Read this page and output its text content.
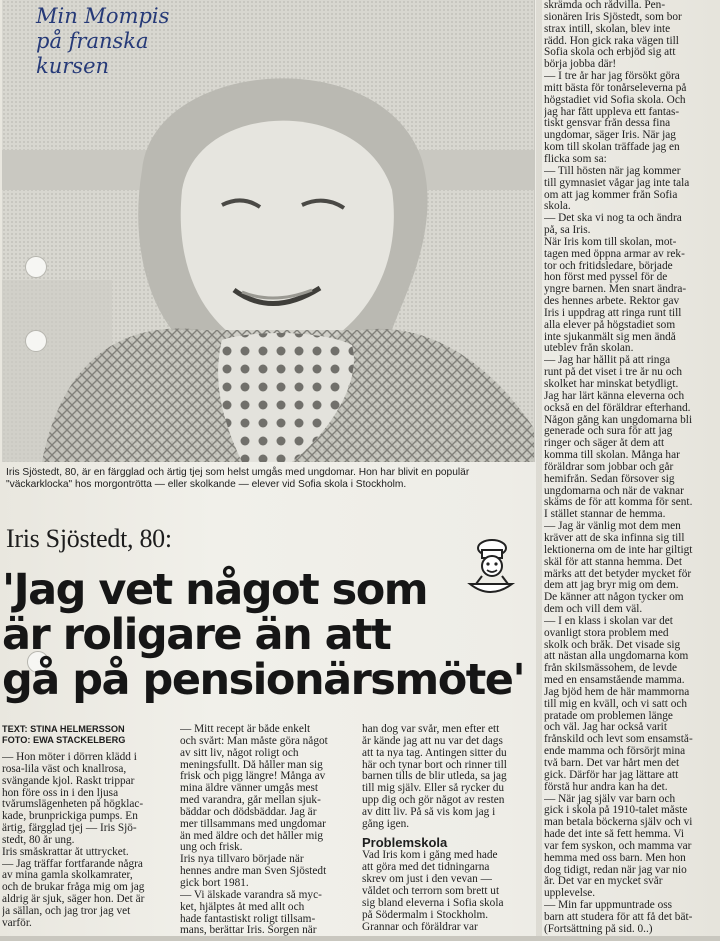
Min Mompis
på franska
kursen
Iris Sjöstedt, 80, är en färgglad och ärtig tjej som helst umgås med ungdomar. Hon har blivit en populär
"väckarklocka" hos morgontrötta — eller skolkande — elever vid Sofia skola i Stockholm.
Iris Sjöstedt, 80:
'Jag vet något som
är roligare än att
gå på pensionärsmöte'
TEXT: STINA HELMERSSON
FOTO: EWA STACKELBERG
— Hon möter i dörren klädd i
rosa-lila väst och knallrosa,
svängande kjol. Raskt trippar
hon före oss in i den ljusa
tvårumslägenheten på högklac-
kade, brunprickiga pumps. En
ärtig, färgglad tjej — Iris Sjö-
stedt, 80 år ung.
Iris småskrattar åt uttrycket.
— Jag träffar fortfarande några
av mina gamla skolkamrater,
och de brukar fråga mig om jag
aldrig är sjuk, säger hon. Det är
ja sällan, och jag tror jag vet
varför.
— Mitt recept är både enkelt
och svårt: Man måste göra något
av sitt liv, något roligt och
meningsfullt. Då håller man sig
frisk och pigg längre! Många av
mina äldre vänner umgås mest
med varandra, går mellan sjuk-
bäddar och dödsbäddar. Jag är
mer tillsammans med ungdomar
än med äldre och det håller mig
ung och frisk.
Iris nya tillvaro började när
hennes andre man Sven Sjöstedt
gick bort 1981.
— Vi älskade varandra så myc-
ket, hjälptes åt med allt och
hade fantastiskt roligt tillsam-
mans, berättar Iris. Sorgen när
han dog var svår, men efter ett
år kände jag att nu var det dags
att ta nya tag. Antingen sitter du
här och tynar bort och rinner till
barnen tills de blir utleda, sa jag
till mig själv. Eller så rycker du
upp dig och gör något av resten
av ditt liv. På så vis kom jag i
gång igen.
Problemskola
Vad Iris kom i gång med hade
att göra med det tidningarna
skrev om just i den vevan —
våldet och terrorn som brett ut
sig bland eleverna i Sofia skola
på Södermalm i Stockholm.
Grannar och föräldrar var
skrämda och rådvilla. Pen-
sionären Iris Sjöstedt, som bor
strax intill, skolan, blev inte
rädd. Hon gick raka vägen till
Sofia skola och erbjöd sig att
börja jobba där!
— I tre år har jag försökt göra
mitt bästa för tonårseleverna på
högstadiet vid Sofia skola. Och
jag har fått uppleva ett fantas-
tiskt gensvar från dessa fina
ungdomar, säger Iris. När jag
kom till skolan träffade jag en
flicka som sa:
— Till hösten när jag kommer
till gymnasiet vågar jag inte tala
om att jag kommer från Sofia
skola.
— Det ska vi nog ta och ändra
på, sa Iris.
När Iris kom till skolan, mot-
tagen med öppna armar av rek-
tor och fritidsledare, började
hon först med pyssel för de
yngre barnen. Men snart ändra-
des hennes arbete. Rektor gav
Iris i uppdrag att ringa runt till
alla elever på högstadiet som
inte sjukanmält sig men ändå
uteblev från skolan.
— Jag har hållit på att ringa
runt på det viset i tre år nu och
skolket har minskat betydligt.
Jag har lärt känna eleverna och
också en del föräldrar efterhand.
Någon gång kan ungdomarna bli
generade och sura för att jag
ringer och säger åt dem att
komma till skolan. Många har
föräldrar som jobbar och går
hemifrån. Sedan försover sig
ungdomarna och när de vaknar
skäms de för att komma för sent.
I stället stannar de hemma.
— Jag är vänlig mot dem men
kräver att de ska infinna sig till
lektionerna om de inte har giltigt
skäl för att stanna hemma. Det
märks att det betyder mycket för
dem att jag bryr mig om dem.
De känner att någon tycker om
dem och vill dem väl.
— I en klass i skolan var det
ovanligt stora problem med
skolk och bråk. Det visade sig
att nästan alla ungdomarna kom
från skilsmässohem, de levde
med en ensamstående mamma.
Jag bjöd hem de här mammorna
till mig en kväll, och vi satt och
pratade om problemen länge
och väl. Jag har också varit
frånskild och levt som ensamstå-
ende mamma och försörjt mina
två barn. Det var hårt men det
gick. Därför har jag lättare att
förstå hur andra kan ha det.
— När jag själv var barn och
gick i skola på 1910-talet måste
man betala böckerna själv och vi
hade det inte så fett hemma. Vi
var fem syskon, och mamma var
hemma med oss barn. Men hon
dog tidigt, redan när jag var nio
år. Det var en mycket svår
upplevelse.
— Min far uppmuntrade oss
barn att studera för att få det bät-
(Fortsättning på sid. 0..)
